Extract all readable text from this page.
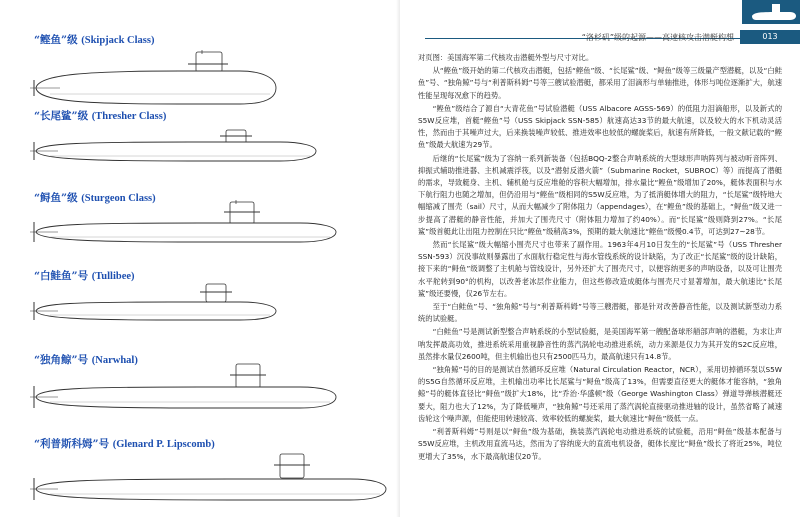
“鲣鱼”级 (Skipjack Class)
“长尾鲨”级 (Thresher Class)
“鲟鱼”级 (Sturgeon Class)
“白鲑鱼”号 (Tullibee)
“独角鲸”号 (Narwhal)
“利普斯科姆”号 (Glenard P. Lipscomb)
“洛杉矶”级的起源——高速核攻击潜艇构想	013

对页图：美国海军第二代核攻击潜艇外型与尺寸对比。

从“鲣鱼”级开始的第二代核攻击潜艇，包括“鲣鱼”级、“长尾鲨”级、“鲟鱼”级等三级量产型潜艇，以及“白鲑鱼”号、“独角鲸”号与“利普斯科姆”号等三艘试验潜艇，都采用了泪滴形与单轴推进，体形与吨位逐渐扩大，航速性能呈现每况愈下的趋势。

“鲣鱼”级结合了源自“大青花鱼”号试验潜艇（USS Albacore AGSS-569）的低阻力泪滴船形，以及新式的S5W反应堆，首艇“鲣鱼”号（USS Skipjack SSN-585）航速高达33节的最大航速，以及较大的水下机动灵活性，然而由于其噪声过大，后来换装噪声较低、推进效率也较低的螺旋桨后，航速有所降低，一般文献记载的“鲣鱼”级最大航速为29节。

后继的“长尾鲨”级为了容纳一系列新装备（包括BQQ-2整合声呐系统的大型球形声呐阵列与被动听音阵列、抑振式辅助推进器、主机减震浮筏，以及“潜射反潜火箭”（Submarine Rocket，SUBROC）等）而提高了潜艇的需求，导致艇身、主机、辅机舱与反应堆舱的容积大幅增加，排水量比“鲣鱼”级增加了20%，艇体表面积与水下航行阻力也随之增加，但仍沿用与“鲣鱼”级相同的S5W反应堆，为了抵消艇体增大的阻力，“长尾鲨”级特地大幅缩减了围壳（sail）尺寸，从而大幅减少了附体阻力（appendages），在“鲣鱼”级的基础上，“鲟鱼”级又进一步提高了潜艇的静音性能，并加大了围壳尺寸（附体阻力增加了约40%）。而“长尾鲨”级则降到27%。“长尾鲨”级首艇此让出阻力控制在只比“鲣鱼”级稍高3%，预期的最大航速比“鲣鱼”级慢0.4节，可达到27~28节。

然而“长尾鲨”级大幅缩小围壳尺寸也带来了副作用。1963年4月10日发生的“长尾鲨”号（USS Thresher SSN-593）沉没事故则暴露出了水面航行稳定性与海水管线系统的设计缺陷，为了改正“长尾鲨”级的设计缺陷，接下来的“鲟鱼”级调整了主机舱与管线设计，另外还扩大了围壳尺寸，以便容纳更多的声呐设备，以及可让围壳水平舵转到90°的机构，以改善老冰层作业能力，但这些修改造成艇体与围壳尺寸显著增加，最大航速比“长尾鲨”级还要慢，仅26节左右。

至于“白鲑鱼”号、“独角鲸”号与“利普斯科姆”号等三艘潜艇，都是针对改善静音性能，以及测试新型动力系统的试验艇。

“白鲑鱼”号是测试新型整合声呐系统的小型试验艇，是美国海军第一艘配备球形艏部声呐的潜艇，为求让声呐发挥最高功效，推进系统采用重视静音性的蒸汽涡轮电动推进系统，动力来源是仅力为其开发的S2C反应堆，虽然排水量仅2600吨，但主机输出也只有2500匹马力，最高航速只有14.8节。

“独角鲸”号的目的是测试自然循环反应堆（Natural Circulation Reactor，NCR），采用切掉循环泵以S5W的S5G自然循环反应堆，主机输出功率比长尾鲨与“鲟鱼”级高了13%，但需要直径更大的艇体才能容纳，“独角鲸”号的艇体直径比“鲟鱼”级扩大18%，比“乔治·华盛顿”级（George Washington Class）弹道导弹核潜艇还要大，阻力也大了12%，为了降低噪声，“独角鲸”号还采用了蒸汽涡轮直接驱动推进轴的设计，虽然省略了减速齿轮这个噪声源，但能使用转速较高、效率较低的螺旋桨，最大航速比“鲟鱼”级低一点。

“利普斯科姆”号则是以“鲟鱼”级为基础，换装蒸汽涡轮电动推进系统的试验艇，沿用“鲟鱼”级基本配备与S5W反应堆，主机改用直流马达，然而为了容纳庞大的直流电机设备，艇体长度比“鲟鱼”级长了将近25%，吨位更增大了35%，水下最高航速仅20节。
